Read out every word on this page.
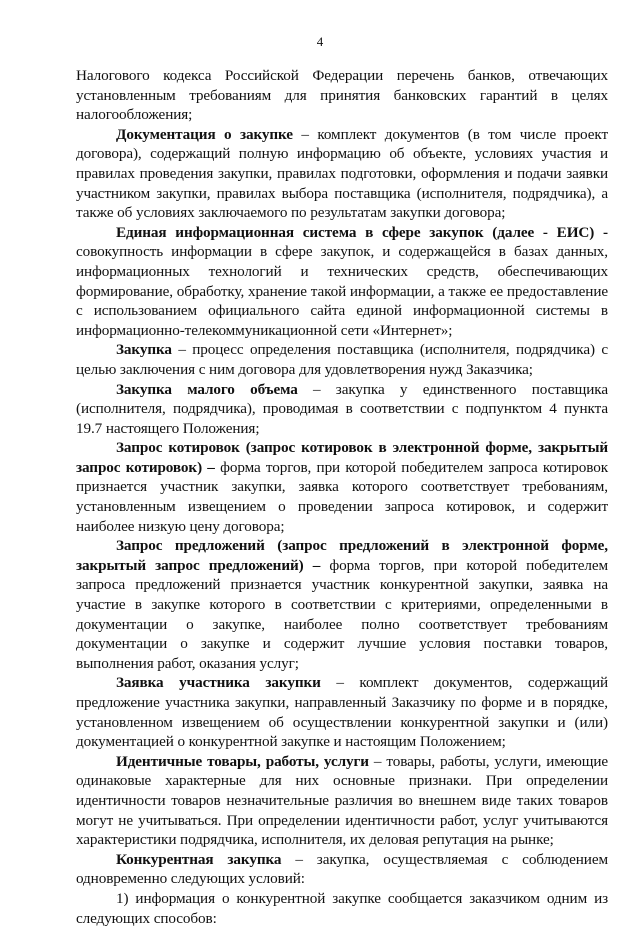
4

Налогового кодекса Российской Федерации перечень банков, отвечающих установленным требованиям для принятия банковских гарантий в целях налогообложения;

Документация о закупке – комплект документов (в том числе проект договора), содержащий полную информацию об объекте, условиях участия и правилах проведения закупки, правилах подготовки, оформления и подачи заявки участником закупки, правилах выбора поставщика (исполнителя, подрядчика), а также об условиях заключаемого по результатам закупки договора;

Единая информационная система в сфере закупок (далее - ЕИС) - совокупность информации в сфере закупок, и содержащейся в базах данных, информационных технологий и технических средств, обеспечивающих формирование, обработку, хранение такой информации, а также ее предоставление с использованием официального сайта единой информационной системы в информационно-телекоммуникационной сети «Интернет»;

Закупка – процесс определения поставщика (исполнителя, подрядчика) с целью заключения с ним договора для удовлетворения нужд Заказчика;

Закупка малого объема – закупка у единственного поставщика (исполнителя, подрядчика), проводимая в соответствии с подпунктом 4 пункта 19.7 настоящего Положения;

Запрос котировок (запрос котировок в электронной форме, закрытый запрос котировок) – форма торгов, при которой победителем запроса котировок признается участник закупки, заявка которого соответствует требованиям, установленным извещением о проведении запроса котировок, и содержит наиболее низкую цену договора;

Запрос предложений (запрос предложений в электронной форме, закрытый запрос предложений) – форма торгов, при которой победителем запроса предложений признается участник конкурентной закупки, заявка на участие в закупке которого в соответствии с критериями, определенными в документации о закупке, наиболее полно соответствует требованиям документации о закупке и содержит лучшие условия поставки товаров, выполнения работ, оказания услуг;

Заявка участника закупки – комплект документов, содержащий предложение участника закупки, направленный Заказчику по форме и в порядке, установленном извещением об осуществлении конкурентной закупки и (или) документацией о конкурентной закупке и настоящим Положением;

Идентичные товары, работы, услуги – товары, работы, услуги, имеющие одинаковые характерные для них основные признаки. При определении идентичности товаров незначительные различия во внешнем виде таких товаров могут не учитываться. При определении идентичности работ, услуг учитываются характеристики подрядчика, исполнителя, их деловая репутация на рынке;

Конкурентная закупка – закупка, осуществляемая с соблюдением одновременно следующих условий:

1) информация о конкурентной закупке сообщается заказчиком одним из следующих способов:
